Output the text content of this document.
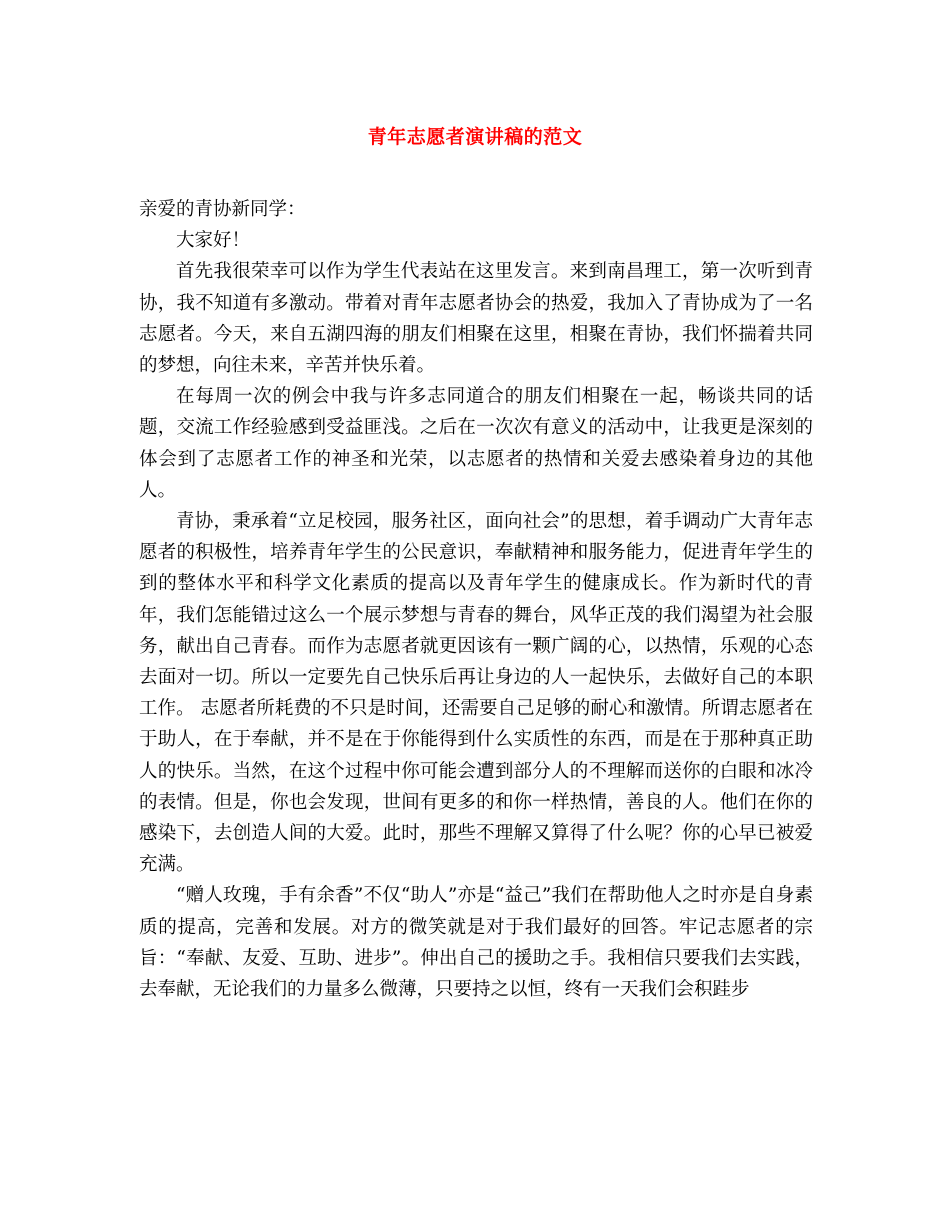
青年志愿者演讲稿的范文

亲爱的青协新同学：

大家好！

首先我很荣幸可以作为学生代表站在这里发言。来到南昌理工，第一次听到青协，我不知道有多激动。带着对青年志愿者协会的热爱，我加入了青协成为了一名志愿者。今天，来自五湖四海的朋友们相聚在这里，相聚在青协，我们怀揣着共同的梦想，向往未来，辛苦并快乐着。

在每周一次的例会中我与许多志同道合的朋友们相聚在一起，畅谈共同的话题，交流工作经验感到受益匪浅。之后在一次次有意义的活动中，让我更是深刻的体会到了志愿者工作的神圣和光荣，以志愿者的热情和关爱去感染着身边的其他人。

青协，秉承着“立足校园，服务社区，面向社会”的思想，着手调动广大青年志愿者的积极性，培养青年学生的公民意识，奉献精神和服务能力，促进青年学生的到的整体水平和科学文化素质的提高以及青年学生的健康成长。作为新时代的青年，我们怎能错过这么一个展示梦想与青春的舞台，风华正茂的我们渴望为社会服务，献出自己青春。而作为志愿者就更因该有一颗广阔的心，以热情，乐观的心态去面对一切。所以一定要先自己快乐后再让身边的人一起快乐，去做好自己的本职工作。 志愿者所耗费的不只是时间，还需要自己足够的耐心和激情。所谓志愿者在于助人，在于奉献，并不是在于你能得到什么实质性的东西，而是在于那种真正助人的快乐。当然，在这个过程中你可能会遭到部分人的不理解而送你的白眼和冰冷的表情。但是，你也会发现，世间有更多的和你一样热情，善良的人。他们在你的感染下，去创造人间的大爱。此时，那些不理解又算得了什么呢？你的心早已被爱充满。

“赠人玫瑰，手有余香”不仅“助人”亦是“益己”我们在帮助他人之时亦是自身素质的提高，完善和发展。对方的微笑就是对于我们最好的回答。牢记志愿者的宗旨：“奉献、友爱、互助、进步”。伸出自己的援助之手。我相信只要我们去实践，去奉献，无论我们的力量多么微薄，只要持之以恒，终有一天我们会积跬步
